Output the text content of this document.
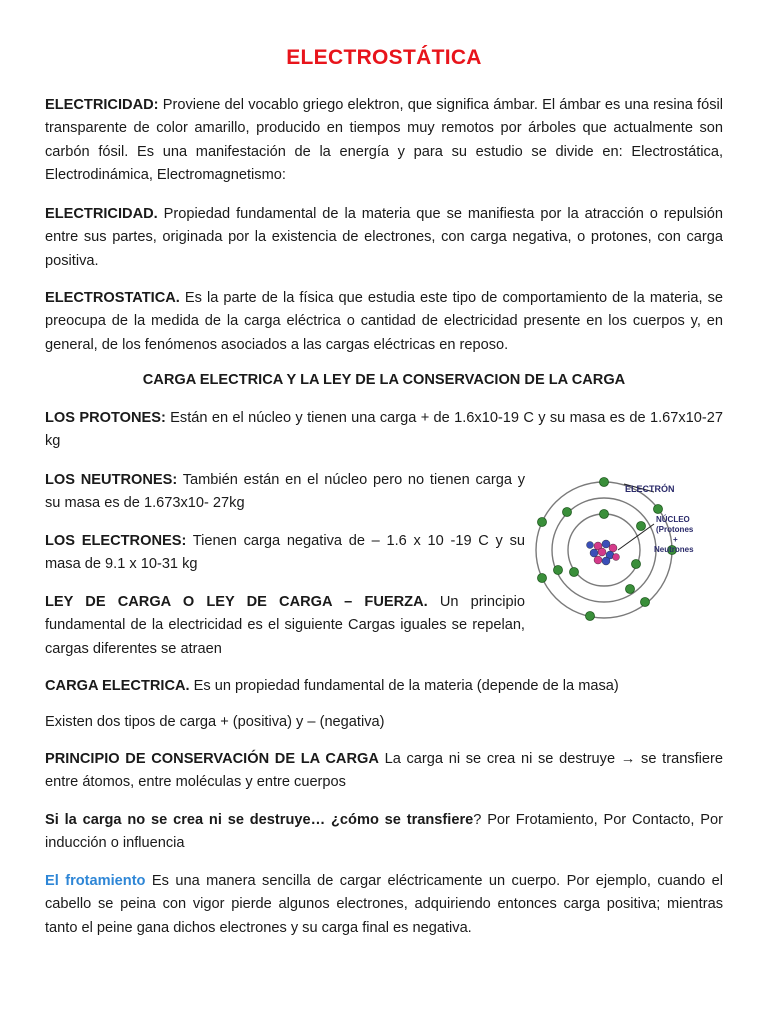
ELECTROSTÁTICA
ELECTRICIDAD: Proviene del vocablo griego elektron, que significa ámbar. El ámbar es una resina fósil transparente de color amarillo, producido en tiempos muy remotos por árboles que actualmente son carbón fósil. Es una manifestación de la energía y para su estudio se divide en: Electrostática, Electrodinámica, Electromagnetismo:
ELECTRICIDAD. Propiedad fundamental de la materia que se manifiesta por la atracción o repulsión entre sus partes, originada por la existencia de electrones, con carga negativa, o protones, con carga positiva.
ELECTROSTATICA. Es la parte de la física que estudia este tipo de comportamiento de la materia, se preocupa de la medida de la carga eléctrica o cantidad de electricidad presente en los cuerpos y, en general, de los fenómenos asociados a las cargas eléctricas en reposo.
CARGA ELECTRICA Y LA LEY DE LA CONSERVACION DE LA CARGA
LOS PROTONES: Están en el núcleo y tienen una carga + de 1.6x10-19 C y su masa es de 1.67x10-27 kg
LOS NEUTRONES: También están en el núcleo pero no tienen carga y su masa es de 1.673x10- 27kg
LOS ELECTRONES: Tienen carga negativa de – 1.6 x 10 -19 C y su masa de 9.1 x 10-31 kg
LEY DE CARGA O LEY DE CARGA – FUERZA. Un principio fundamental de la electricidad es el siguiente Cargas iguales se repelan, cargas diferentes se atraen
CARGA ELECTRICA. Es un propiedad fundamental de la materia (depende de la masa)
Existen dos tipos de carga + (positiva) y – (negativa)
PRINCIPIO DE CONSERVACIÓN DE LA CARGA La carga ni se crea ni se destruye → se transfiere entre átomos, entre moléculas y entre cuerpos
Si la carga no se crea ni se destruye… ¿cómo se transfiere? Por Frotamiento, Por Contacto, Por inducción o influencia
El frotamiento Es una manera sencilla de cargar eléctricamente un cuerpo. Por ejemplo, cuando el cabello se peina con vigor pierde algunos electrones, adquiriendo entonces carga positiva; mientras tanto el peine gana dichos electrones y su carga final es negativa.
ELECTRÓN
NÚCLEO
(Protones
+
Neutrones
